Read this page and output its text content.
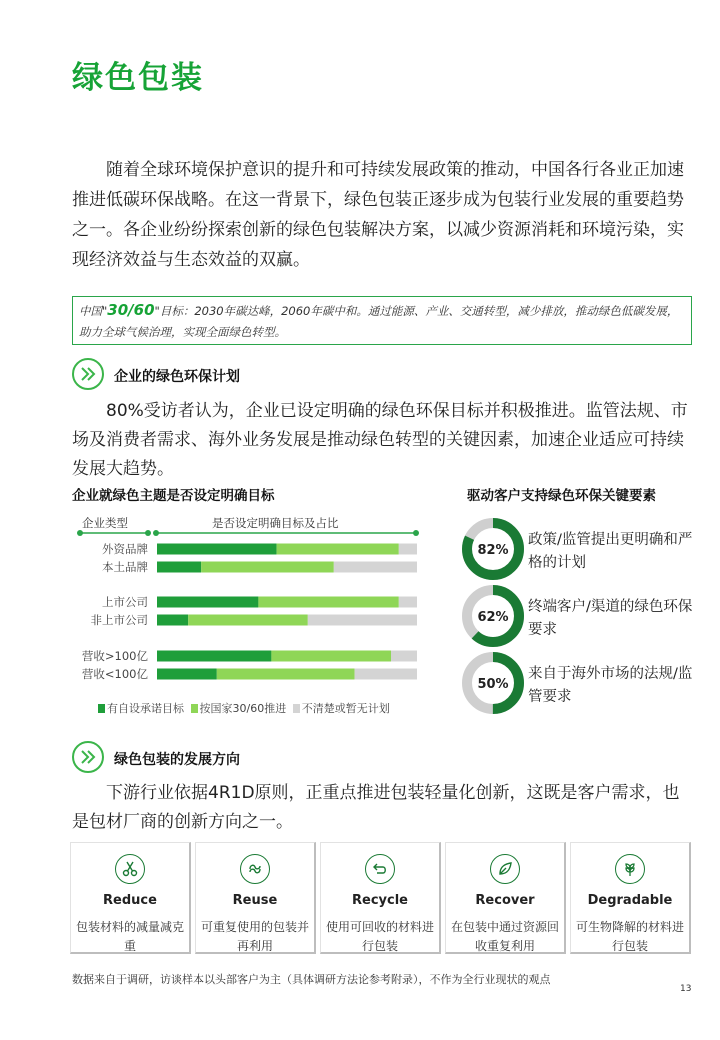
绿色包装
随着全球环境保护意识的提升和可持续发展政策的推动，中国各行各业正加速推进低碳环保战略。在这一背景下，绿色包装正逐步成为包装行业发展的重要趋势之一。各企业纷纷探索创新的绿色包装解决方案，以减少资源消耗和环境污染，实现经济效益与生态效益的双赢。
中国"30/60"目标：2030年碳达峰，2060年碳中和。通过能源、产业、交通转型，减少排放，推动绿色低碳发展，助力全球气候治理，实现全面绿色转型。
企业的绿色环保计划
80%受访者认为，企业已设定明确的绿色环保目标并积极推进。监管法规、市场及消费者需求、海外业务发展是推动绿色转型的关键因素，加速企业适应可持续发展大趋势。
企业就绿色主题是否设定明确目标
企业类型	是否设定明确目标及占比
外资品牌
本土品牌
上市公司
非上市公司
营收>100亿
营收<100亿
有自设承诺目标 按国家30/60推进 不清楚或暂无计划
驱动客户支持绿色环保关键要素
82%
62%
50%
政策/监管提出更明确和严格的计划
终端客户/渠道的绿色环保要求
来自于海外市场的法规/监管要求
绿色包装的发展方向
下游行业依据4R1D原则，正重点推进包装轻量化创新，这既是客户需求，也是包材厂商的创新方向之一。
Reduce
包装材料的减量减克重
Reuse
可重复使用的包装并再利用
Recycle
使用可回收的材料进行包装
Recover
在包装中通过资源回收重复利用
Degradable
可生物降解的材料进行包装
数据来自于调研，访谈样本以头部客户为主（具体调研方法论参考附录），不作为全行业现状的观点
13
